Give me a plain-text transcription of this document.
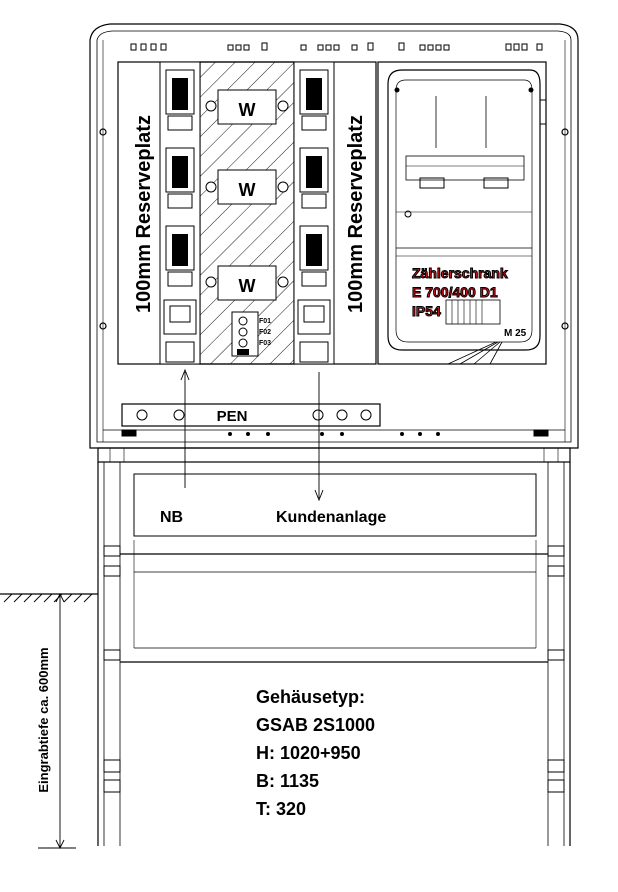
W
W
W
F01
F02
F03
100mm Reserveplatz	100mm Reserveplatz	Zählerschrank
E 700/400 D1
IP54
M 25
PEN
NB	Kundenanlage
Eingrabtiefe ca. 600mm	Gehäusetyp:
GSAB 2S1000
H: 1020+950
B: 1135
T: 320
